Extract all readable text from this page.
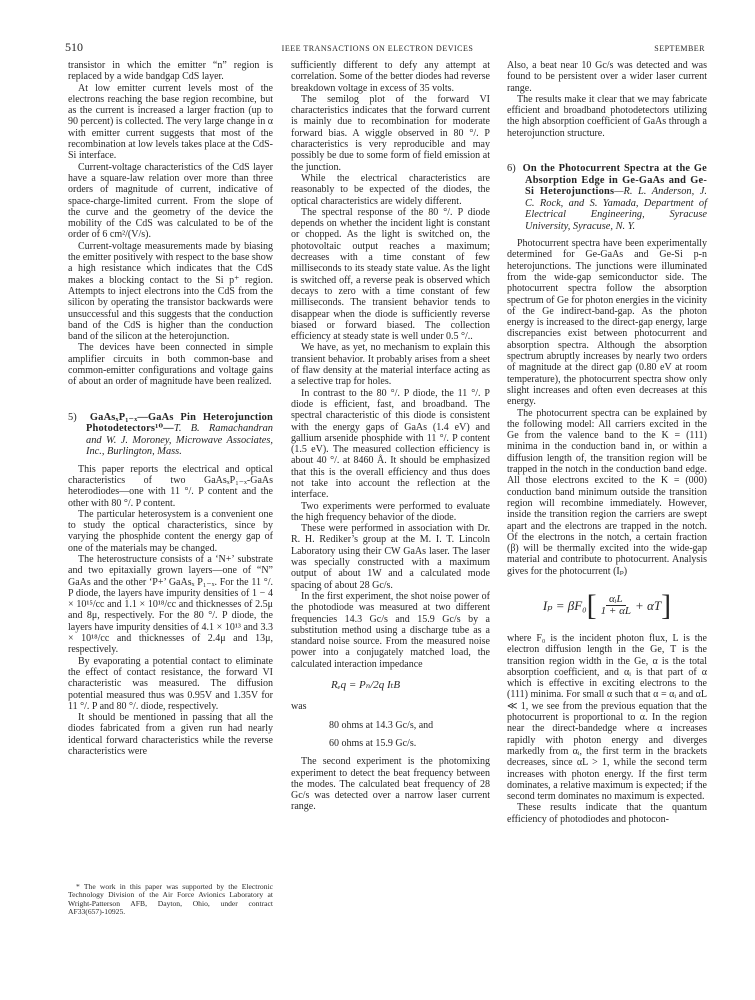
510	IEEE TRANSACTIONS ON ELECTRON DEVICES	SEPTEMBER

transistor in which the emitter “n” region is replaced by a wide bandgap CdS layer.

At low emitter current levels most of the electrons reaching the base region recombine, but as the current is increased a larger fraction (up to 90 percent) is collected. The very large change in α with emitter current suggests that most of the recombination at low levels takes place at the CdS-Si interface.

Current-voltage characteristics of the CdS layer have a square-law relation over more than three orders of magnitude of current, indicative of space-charge-limited current. From the slope of the curve and the geometry of the device the mobility of the CdS was calculated to be of the order of 6 cm²/(V/s).

Current-voltage measurements made by biasing the emitter positively with respect to the base show a high resistance which indicates that the CdS makes a blocking contact to the Si p⁺ region. Attempts to inject electrons into the CdS from the silicon by operating the transistor backwards were unsuccessful and this suggests that the conduction band of the CdS is higher than the conduction band of the silicon at the heterojunction.

The devices have been connected in simple amplifier circuits in both common-base and common-emitter configurations and voltage gains of about an order of magnitude have been realized.

5) GaAsₓP₁₋ₓ—GaAs Pin Heterojunction Photodetectors¹⁰—T. B. Ramachandran and W. J. Moroney, Microwave Associates, Inc., Burlington, Mass.

This paper reports the electrical and optical characteristics of two GaAsₓP₁₋ₓ-GaAs heterodiodes—one with 11 °/. P content and the other with 80 °/. P content.

The particular heterosystem is a convenient one to study the optical characteristics, since by varying the phosphide content the energy gap of one of the materials may be changed.

The heterostructure consists of a ‘N+’ substrate and two epitaxially grown layers—one of “N” GaAs and the other ‘P+’ GaAsₓ P₁₋ₓ. For the 11 °/. P diode, the layers have impurity densities of 1 − 4 × 10¹⁵/cc and 1.1 × 10¹⁸/cc and thicknesses of 2.5μ and 8μ, respectively. For the 80 °/. P diode, the layers have impurity densities of 4.1 × 10¹³ and 3.3 × 10¹⁸/cc and thicknesses of 2.4μ and 13μ, respectively.

By evaporating a potential contact to eliminate the effect of contact resistance, the forward VI characteristic was measured. The diffusion potential measured thus was 0.95V and 1.35V for 11 °/. P and 80 °/. diode, respectively.

It should be mentioned in passing that all the diodes fabricated from a given run had nearly identical forward characteristics while the reverse characteristics were

* The work in this paper was supported by the Electronic Technology Division of the Air Force Avionics Laboratory at Wright-Patterson AFB, Dayton, Ohio, under contract AF33(657)-10925.

sufficiently different to defy any attempt at correlation. Some of the better diodes had reverse breakdown voltage in excess of 35 volts.

The semilog plot of the forward VI characteristics indicates that the forward current is mainly due to recombination for moderate forward bias. A wiggle observed in 80 °/. P characteristics is very reproducible and may possibly be due to some form of field emission at the junction.

While the electrical characteristics are reasonably to be expected of the diodes, the optical characteristics are widely different.

The spectral response of the 80 °/. P diode depends on whether the incident light is constant or chopped. As the light is switched on, the photovoltaic output reaches a maximum; decreases with a time constant of few milliseconds to its steady state value. As the light is switched off, a reverse peak is observed which decays to zero with a time constant of few milliseconds. The transient behavior tends to disappear when the diode is sufficiently reverse biased or forward biased. The collection efficiency at steady state is well under 0.5 °/..

We have, as yet, no mechanism to explain this transient behavior. It probably arises from a sheet of flaw density at the material interface acting as a selective trap for holes.

In contrast to the 80 °/. P diode, the 11 °/. P diode is efficient, fast, and broadband. The spectral characteristic of this diode is consistent with the energy gaps of GaAs (1.4 eV) and gallium arsenide phosphide with 11 °/. P content (1.5 eV). The measured collection efficiency is about 40 °/. at 8460 Å. It should be emphasized that this is the overall efficiency and thus does not take into account the reflection at the interface.

Two experiments were performed to evaluate the high frequency behavior of the diode.

These were performed in association with Dr. R. H. Rediker’s group at the M. I. T. Lincoln Laboratory using their CW GaAs laser. The laser was specially constructed with a maximum output of about 1W and a calculated mode spacing of about 28 Gc/s.

In the first experiment, the shot noise power of the photodiode was measured at two different frequencies 14.3 Gc/s and 15.9 Gc/s by a substitution method using a discharge tube as a standard noise source. From the measured noise power into a conjugately matched load, the calculated interaction impedance

Rₑq = Pₙ/2q IₜB

was

80 ohms at 14.3 Gc/s, and

60 ohms at 15.9 Gc/s.

The second experiment is the photomixing experiment to detect the beat frequency between the modes. The calculated beat frequency of 28 Gc/s was detected over a narrow laser current range.

Also, a beat near 10 Gc/s was detected and was found to be persistent over a wider laser current range.

The results make it clear that we may fabricate efficient and broadband photodetectors utilizing the high absorption coefficient of GaAs through a heterojunction structure.

6) On the Photocurrent Spectra at the Ge Absorption Edge in Ge-GaAs and Ge-Si Heterojunctions—R. L. Anderson, J. C. Rock, and S. Yamada, Department of Electrical Engineering, Syracuse University, Syracuse, N. Y.

Photocurrent spectra have been experimentally determined for Ge-GaAs and Ge-Si p-n heterojunctions. The junctions were illuminated from the wide-gap semiconductor side. The photocurrent spectra follow the absorption spectrum of Ge for photon energies in the vicinity of the Ge indirect-band-gap. As the photon energy is increased to the direct-gap energy, large discrepancies exist between photocurrent and absorption spectra. Although the absorption spectrum abruptly increases by nearly two orders of magnitude at the direct gap (0.80 eV at room temperature), the photocurrent spectra show only slight increases and often even decreases at this energy.

The photocurrent spectra can be explained by the following model: All carriers excited in the Ge from the valence band to the K = (111) minima in the conduction band in, or within a diffusion length of, the transition region will be trapped in the notch in the conduction band edge. All those electrons excited to the K = (000) conduction band minimum outside the transition region will recombine immediately. However, inside the transition region the carriers are swept apart and the electrons are trapped in the notch. Of the electrons in the notch, a certain fraction (β) will be thermally excited into the wide-gap material and contribute to photocurrent. Analysis gives for the photocurrent (Iₚ)

Iₚ = βF₀ [ $\frac{\text{αᵢL}}{1 + \alpha L} + \alpha T$ ]

where F₀ is the incident photon flux, L is the electron diffusion length in the Ge, T is the transition region width in the Ge, α is the total absorption coefficient, and αᵢ is that part of α which is effective in exciting electrons to the (111) minima. For small α such that α = αᵢ and αL ≪ 1, we see from the previous equation that the photocurrent is proportional to α. In the region near the direct-bandedge where α increases rapidly with photon energy and diverges markedly from αᵢ, the first term in the brackets decreases, since αL > 1, while the second term increases with photon energy. If the first term dominates, a relative maximum is expected; if the second term dominates no maximum is expected.

These results indicate that the quantum efficiency of photodiodes and photocon-
